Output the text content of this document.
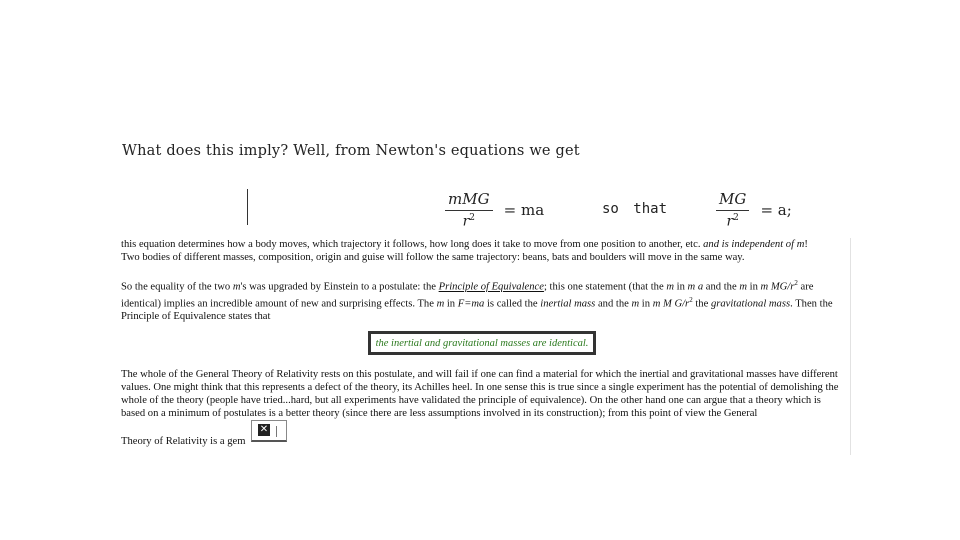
What does this imply? Well, from Newton's equations we get
$\frac{\text{mMG}}{r^2}$ = ma	so that	$\frac{MG}{r^2} = a$;
this equation determines how a body moves, which trajectory it follows, how long does it take to move from one position to another, etc. and is independent of m!
Two bodies of different masses, composition, origin and guise will follow the same trajectory: beans, bats and boulders will move in the same way.
So the equality of the two m's was upgraded by Einstein to a postulate: the Principle of Equivalence; this one statement (that the m in m a and the m in m $MG/r^2$ are identical) implies an incredible amount of new and surprising effects. The m in F=ma is called the inertial mass and the m in m M $G/r^2$ the gravitational mass. Then the Principle of Equivalence states that
the inertial and gravitational masses are identical.
The whole of the General Theory of Relativity rests on this postulate, and will fail if one can find a material for which the inertial and gravitational masses have different values. One might think that this represents a defect of the theory, its Achilles heel. In one sense this is true since a single experiment has the potential of demolishing the whole of the theory (people have tried...hard, but all experiments have validated the principle of equivalence). On the other hand one can argue that a theory which is based on a minimum of postulates is a better theory (since there are less assumptions involved in its construction); from this point of view the General
Theory of Relativity is a gem
✕
